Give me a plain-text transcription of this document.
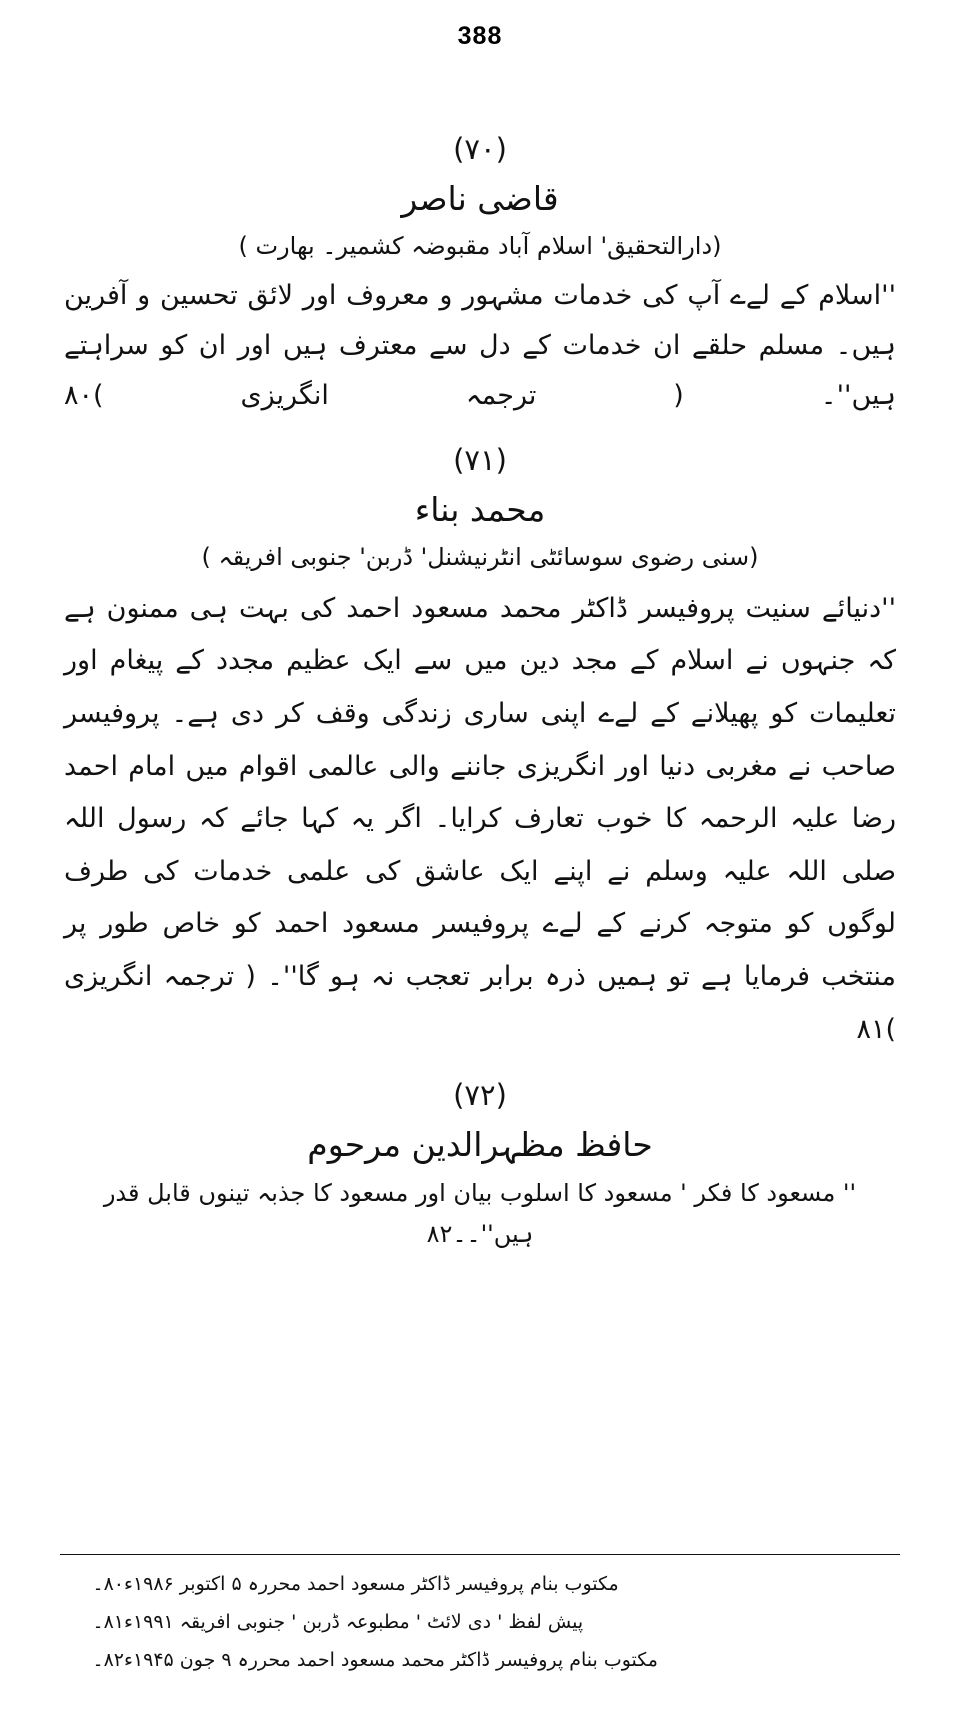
388
(۷۰)
قاضی ناصر
(دارالتحقیق' اسلام آباد مقبوضہ کشمیر۔ بھارت )
''اسلام کے لےے آپ کی خدمات مشہور و معروف اور لائق تحسین و آفرین ہیں۔ مسلم حلقے ان خدمات کے دل سے معترف ہیں اور ان کو سراہتے ہیں''۔ ( ترجمہ انگریزی )۸۰
(۷۱)
محمد بناء
(سنی رضوی سوسائٹی انٹرنیشنل' ڈربن' جنوبی افریقہ )
''دنیائے سنیت پروفیسر ڈاکٹر محمد مسعود احمد کی بہت ہی ممنون ہے کہ جنہوں نے اسلام کے مجد دین میں سے ایک عظیم مجدد کے پیغام اور تعلیمات کو پھیلانے کے لےے اپنی ساری زندگی وقف کر دی ہے۔ پروفیسر صاحب نے مغربی دنیا اور انگریزی جاننے والی عالمی اقوام میں امام احمد رضا علیہ الرحمہ کا خوب تعارف کرایا۔ اگر یہ کہا جائے کہ رسول اللہ صلی اللہ علیہ وسلم نے اپنے ایک عاشق کی علمی خدمات کی طرف لوگوں کو متوجہ کرنے کے لےے پروفیسر مسعود احمد کو خاص طور پر منتخب فرمایا ہے تو ہمیں ذرہ برابر تعجب نہ ہو گا''۔ ( ترجمہ انگریزی )۸۱
(۷۲)
حافظ مظہرالدین مرحوم
'' مسعود کا فکر ' مسعود کا اسلوب بیان اور مسعود کا جذبہ تینوں قابل قدر ہیں''۔۔۸۲
مکتوب بنام پروفیسر ڈاکٹر مسعود احمد محررہ ۵ اکتوبر ۱۹۸۶ء
۸۰۔
پیش لفظ ' دی لائٹ ' مطبوعہ ڈربن ' جنوبی افریقہ ۱۹۹۱ء
۸۱۔
مکتوب بنام پروفیسر ڈاکٹر محمد مسعود احمد محررہ ۹ جون ۱۹۴۵ء
۸۲۔
